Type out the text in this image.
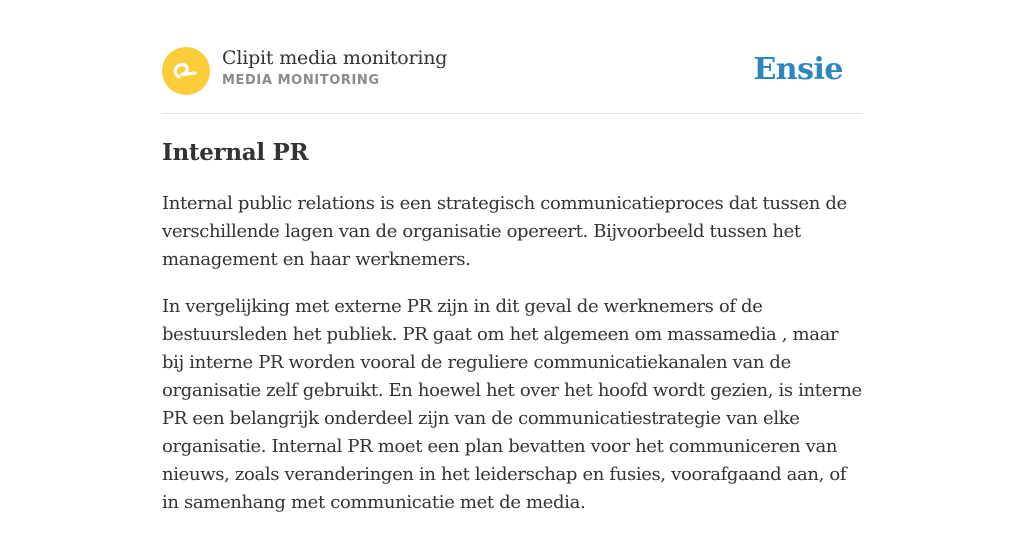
Clipit media monitoring
MEDIA MONITORING	Ensie
Internal PR

Internal public relations is een strategisch communicatieproces dat tussen de verschillende lagen van de organisatie opereert. Bijvoorbeeld tussen het management en haar werknemers.

In vergelijking met externe PR zijn in dit geval de werknemers of de bestuursleden het publiek. PR gaat om het algemeen om massamedia , maar bij interne PR worden vooral de reguliere communicatiekanalen van de organisatie zelf gebruikt. En hoewel het over het hoofd wordt gezien, is interne PR een belangrijk onderdeel zijn van de communicatiestrategie van elke organisatie. Internal PR moet een plan bevatten voor het communiceren van nieuws, zoals veranderingen in het leiderschap en fusies, voorafgaand aan, of in samenhang met communicatie met de media.
